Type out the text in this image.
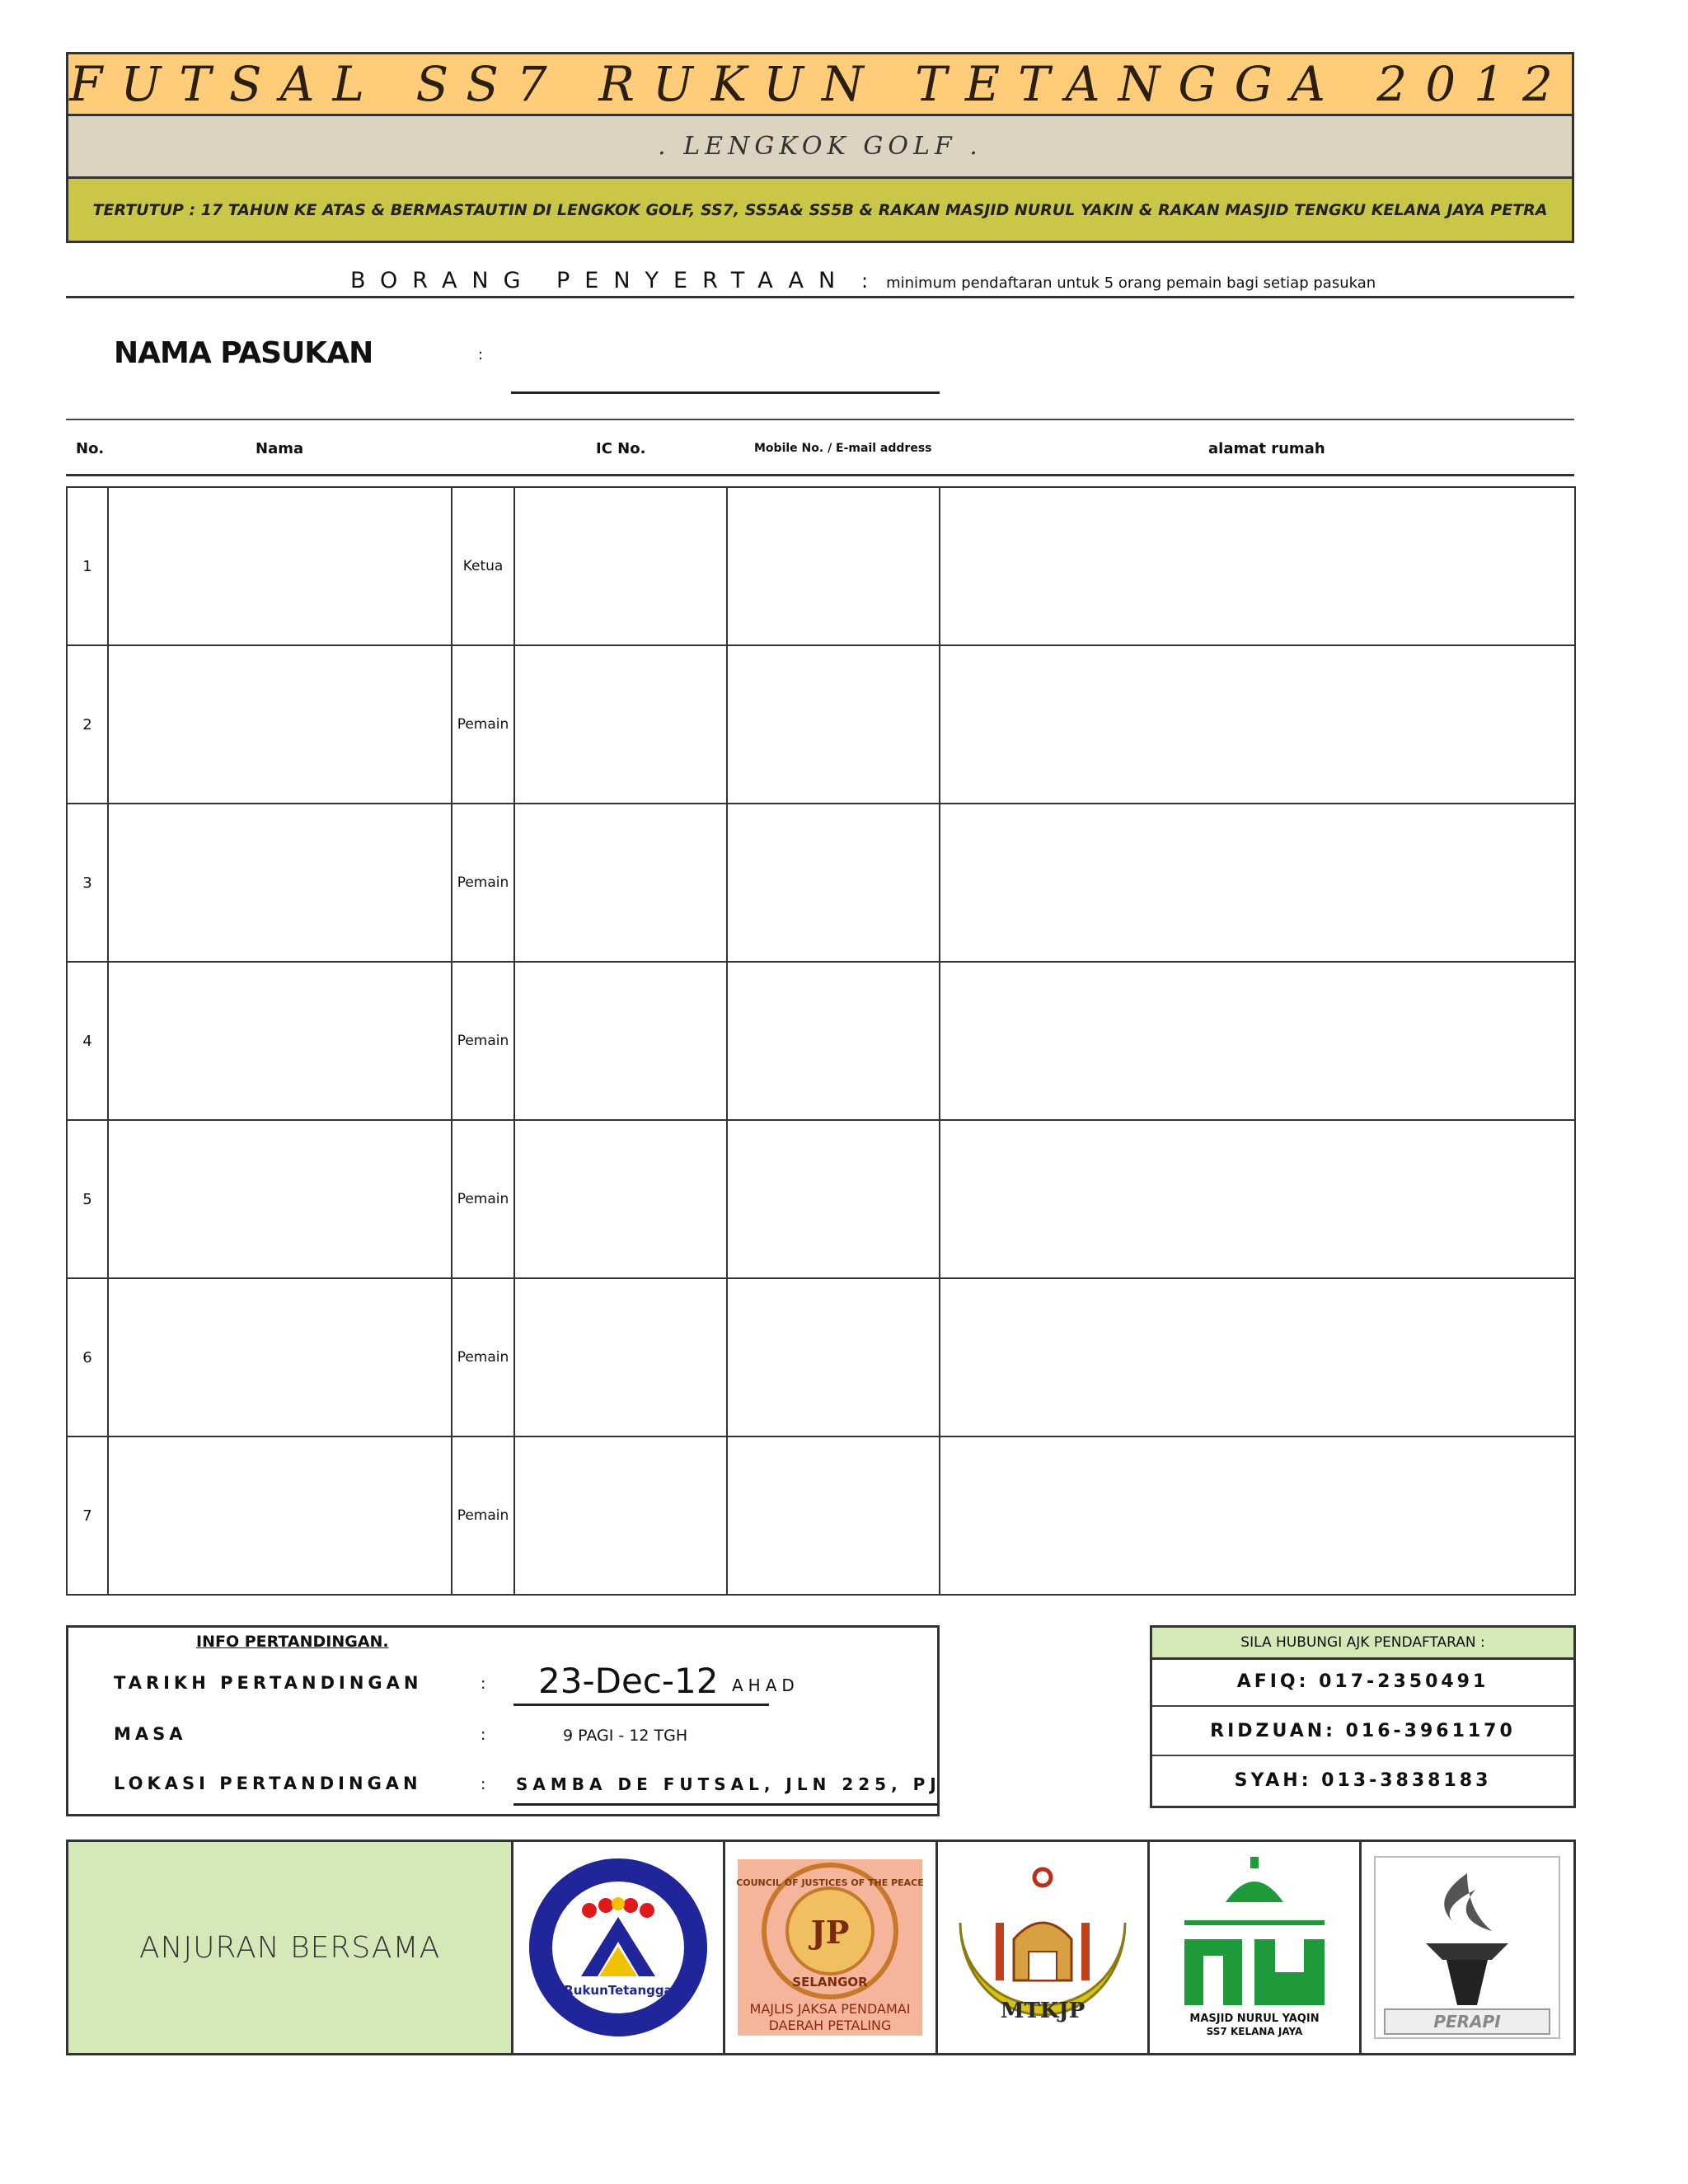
FUTSAL SS7 RUKUN TETANGGA 2012
. LENGKOK GOLF .
TERTUTUP : 17 TAHUN KE ATAS & BERMASTAUTIN DI LENGKOK GOLF, SS7, SS5A& SS5B & RAKAN MASJID NURUL YAKIN & RAKAN MASJID TENGKU KELANA JAYA PETRA
BORANG PENYERTAAN : minimum pendaftaran untuk 5 orang pemain bagi setiap pasukan
NAMA PASUKAN	:
No.	Nama	IC No.	Mobile No. / E-mail address	alamat rumah
1		Ketua			
2		Pemain			
3		Pemain			
4		Pemain			
5		Pemain			
6		Pemain			
7		Pemain			
INFO PERTANDINGAN.
TARIKH PERTANDINGAN	: 23-Dec-12 AHAD
MASA	:	9 PAGI - 12 TGH
LOKASI PERTANDINGAN	: SAMBA DE FUTSAL, JLN 225, PJ
SILA HUBUNGI AJK PENDAFTARAN :
AFIQ: 017-2350491
RIDZUAN: 016-3961170
SYAH: 013-3838183
ANJURAN BERSAMA
RukunTetangga
COUNCIL OF JUSTICES OF THE PEACE
JP
SELANGOR
MAJLIS JAKSA PENDAMAI
DAERAH PETALING
MTKJP	MASJID NURUL YAQIN
SS7 KELANA JAYA	PERAPI
